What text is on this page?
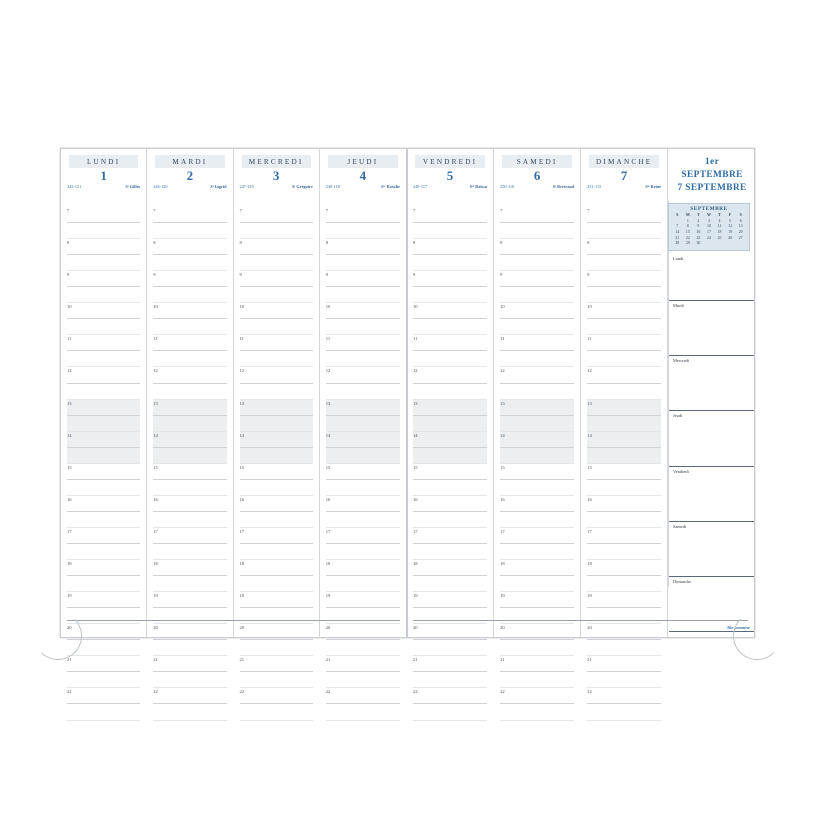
LUNDI
1
245-121	Sᵗ Gilles
MARDI
2
246-120	Sᵗ Ingrid
MERCREDI
3
247-119	Sᵗ Grégoire
JEUDI
4
248-118	Sᵗᵉ Rosalie
7
8
9
10
11
12
13
14
15
16
17
18
19
20
21
22
7
8
9
10
11
12
13
14
15
16
17
18
19
20
21
22
7
8
9
10
11
12
13
14
15
16
17
18
19
20
21
22
7
8
9
10
11
12
13
14
15
16
17
18
19
20
21
22
VENDREDI
5
249-117	Sᵗᵉ Raïssa
SAMEDI
6
250-116	Sᵗ Bertrand
DIMANCHE
7
251-115	Sᵗᵉ Reine
1er SEPTEMBRE
7 SEPTEMBRE
7
8
9
10
11
12
13
14
15
16
17
18
19
20
21
22
7
8
9
10
11
12
13
14
15
16
17
18
19
20
21
22
7
8
9
10
11
12
13
14
15
16
17
18
19
20
21
22
Lundi
Mardi
Mercredi
Jeudi
Vendredi
Samedi
Dimanche
36e semaine
SEPTEMBRE
S	M	T	W	T	F	S
	1	2	3	4	5	6
7	8	9	10	11	12	13
14	15	16	17	18	19	20
21	22	23	24	25	26	27
28	29	30				
